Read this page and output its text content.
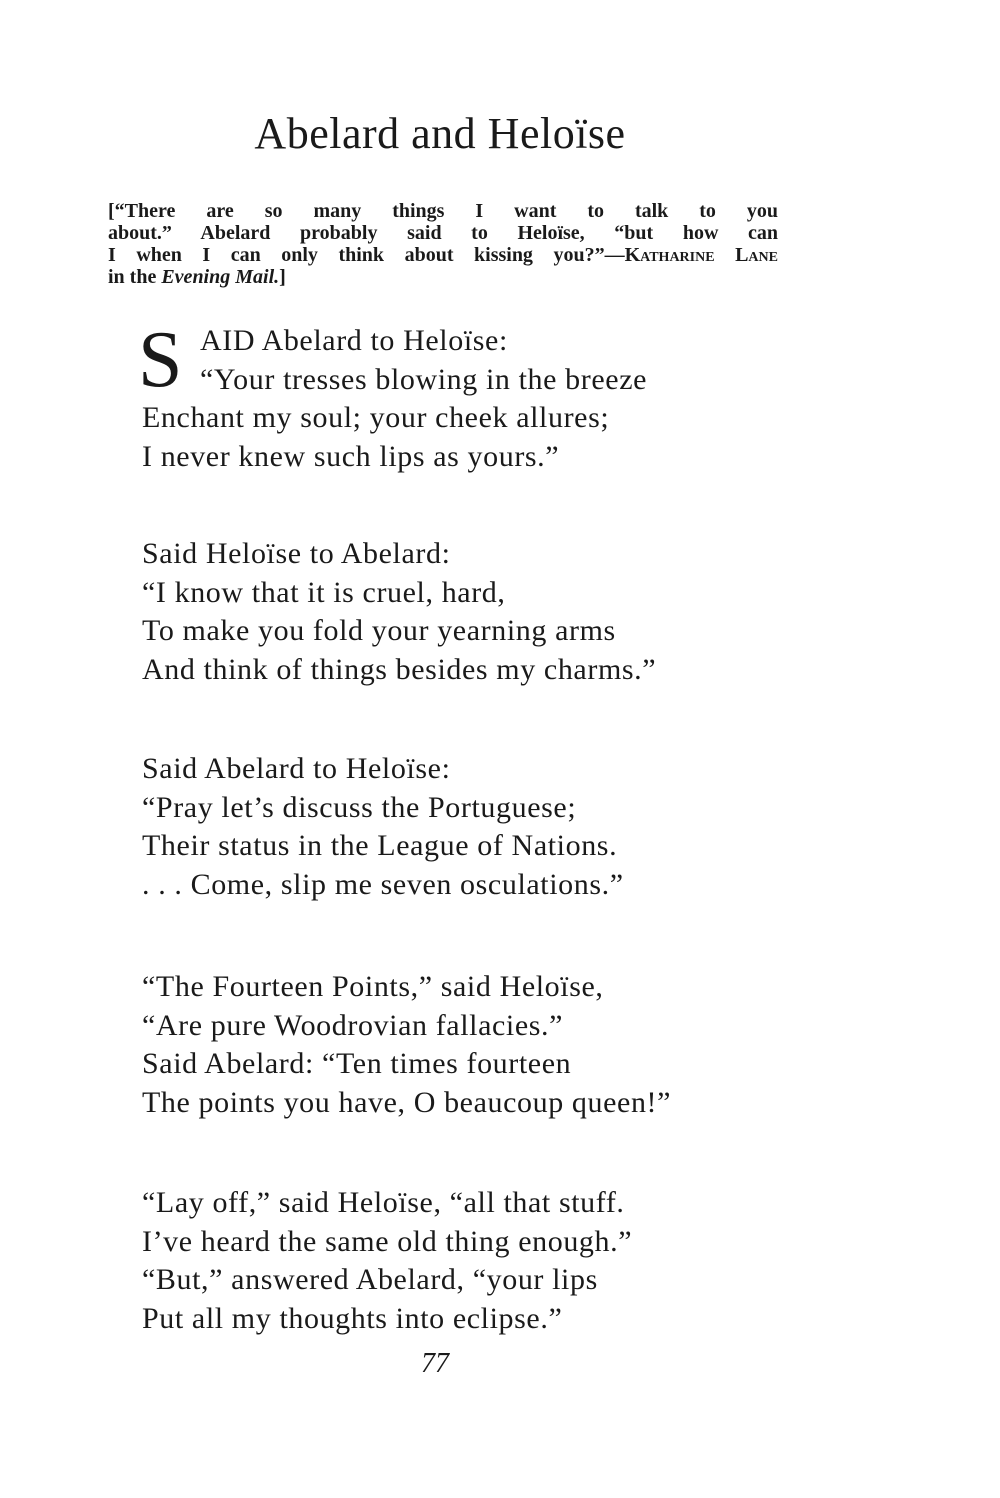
Abelard and Heloïse
[“There are so many things I want to talk to you
about.” Abelard probably said to Heloïse, “but how can
I when I can only think about kissing you?”—Katharine Lane
in the Evening Mail.]
S AID Abelard to Heloïse:
“Your tresses blowing in the breeze
Enchant my soul; your cheek allures;
I never knew such lips as yours.”
Said Heloïse to Abelard:
“I know that it is cruel, hard,
To make you fold your yearning arms
And think of things besides my charms.”
Said Abelard to Heloïse:
“Pray let’s discuss the Portuguese;
Their status in the League of Nations.
. . . Come, slip me seven osculations.”
“The Fourteen Points,” said Heloïse,
“Are pure Woodrovian fallacies.”
Said Abelard: “Ten times fourteen
The points you have, O beaucoup queen!”
“Lay off,” said Heloïse, “all that stuff.
I’ve heard the same old thing enough.”
“But,” answered Abelard, “your lips
Put all my thoughts into eclipse.”
77
